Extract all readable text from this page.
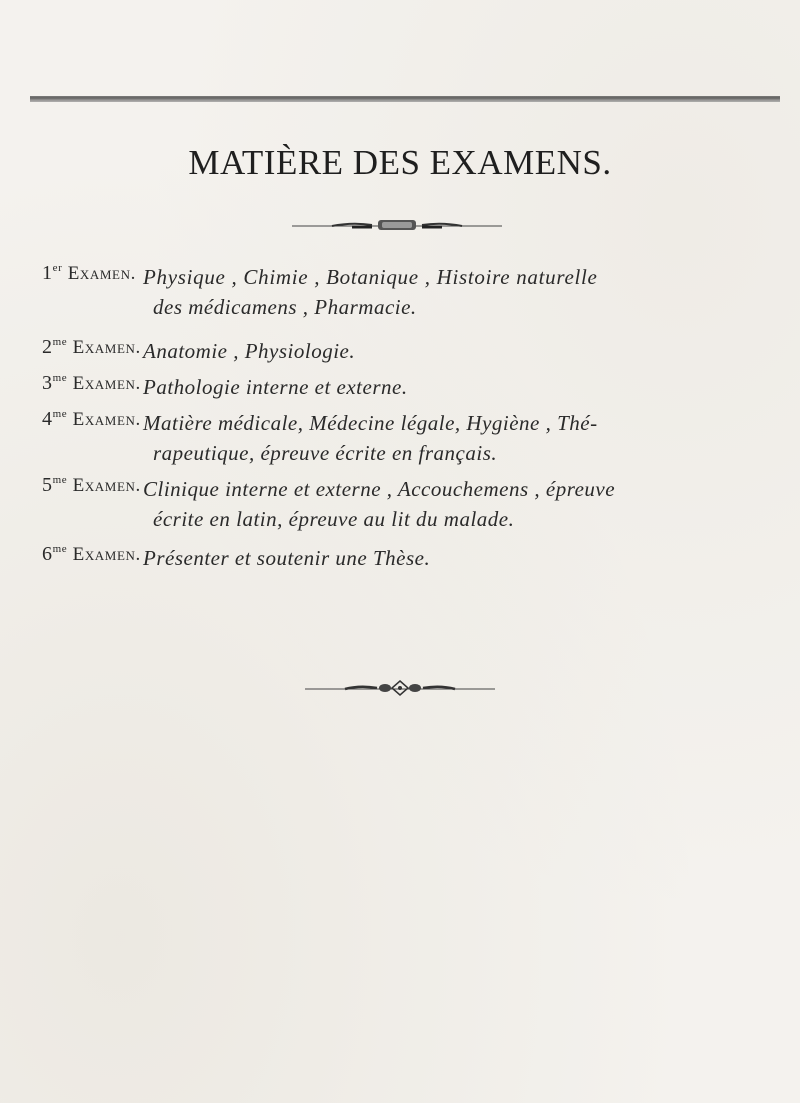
MATIÈRE DES EXAMENS.
1er Examen. Physique , Chimie , Botanique , Histoire naturelle
des médicamens , Pharmacie.
$2^{me}$ Examen. Anatomie , Physiologie.
$3^{me}$ Examen. Pathologie interne et externe.
$4^{me}$ Examen. Matière médicale, Médecine légale, Hygiène , Thé-
rapeutique, épreuve écrite en français.
$5^{me}$ Examen. Clinique interne et externe , Accouchemens , épreuve
écrite en latin, épreuve au lit du malade.
$6^{me}$ Examen. Présenter et soutenir une Thèse.
